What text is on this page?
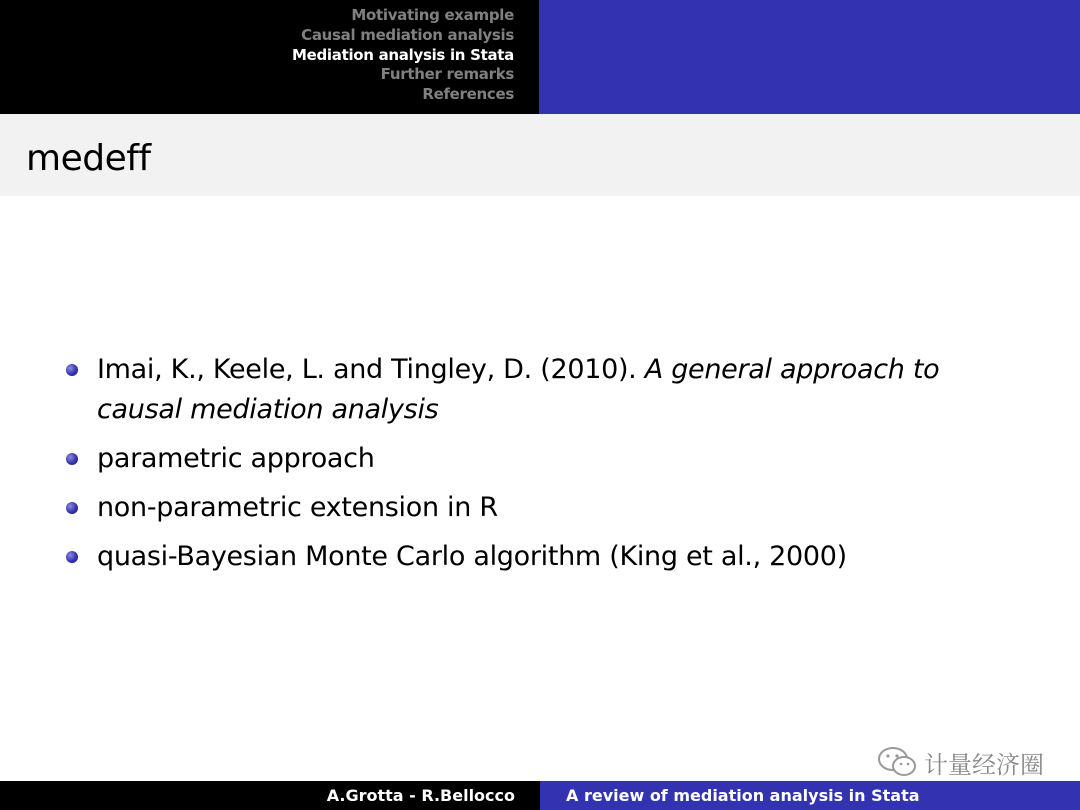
Motivating example
Causal mediation analysis
Mediation analysis in Stata
Further remarks
References
medeff
Imai, K., Keele, L. and Tingley, D. (2010). A general approach to causal mediation analysis
parametric approach
non-parametric extension in R
quasi-Bayesian Monte Carlo algorithm (King et al., 2000)
计量经济圈
A.Grotta - R.Bellocco	A review of mediation analysis in Stata
